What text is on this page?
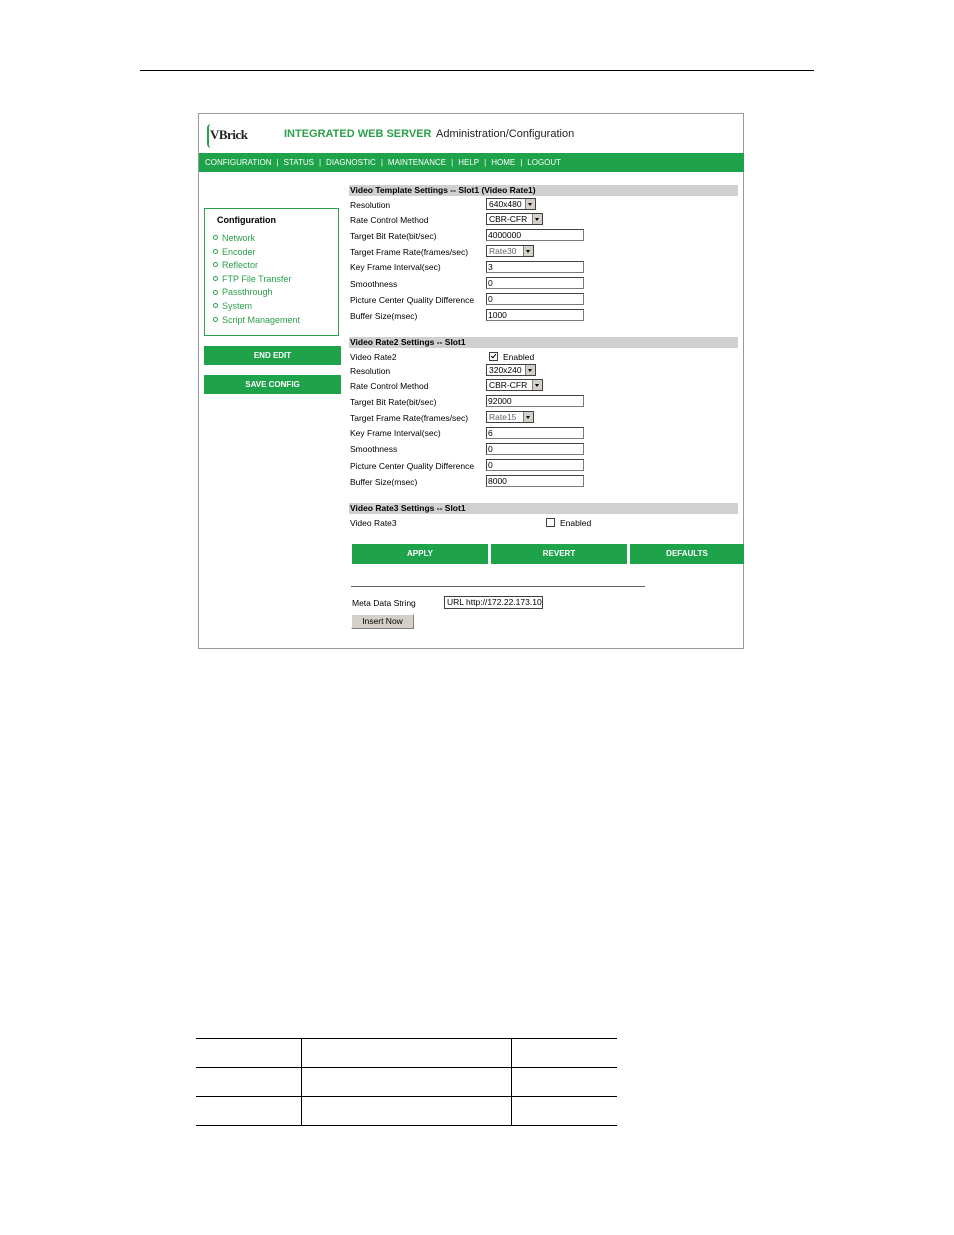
VBrick	INTEGRATED WEB SERVER Administration/Configuration
CONFIGURATION | STATUS | DIAGNOSTIC | MAINTENANCE | HELP | HOME | LOGOUT
Configuration
Network
Encoder
Reflector
FTP File Transfer
Passthrough
System
Script Management
END EDIT
SAVE CONFIG
Video Template Settings -- Slot1 (Video Rate1)
Resolution	640x480
Rate Control Method	CBR-CFR
Target Bit Rate(bit/sec)	4000000
Target Frame Rate(frames/sec)	Rate30
Key Frame Interval(sec)	3
Smoothness	0
Picture Center Quality Difference 0
Buffer Size(msec)	1000
Video Rate2 Settings -- Slot1
Video Rate2	Enabled
Resolution	320x240
Rate Control Method	CBR-CFR
Target Bit Rate(bit/sec)	92000
Target Frame Rate(frames/sec)	Rate15
Key Frame Interval(sec)	6
Smoothness	0
Picture Center Quality Difference 0
Buffer Size(msec)	8000
Video Rate3 Settings -- Slot1
Video Rate3	Enabled
APPLY	REVERT	DEFAULTS
Meta Data String	URL http://172.22.173.10
Insert Now
